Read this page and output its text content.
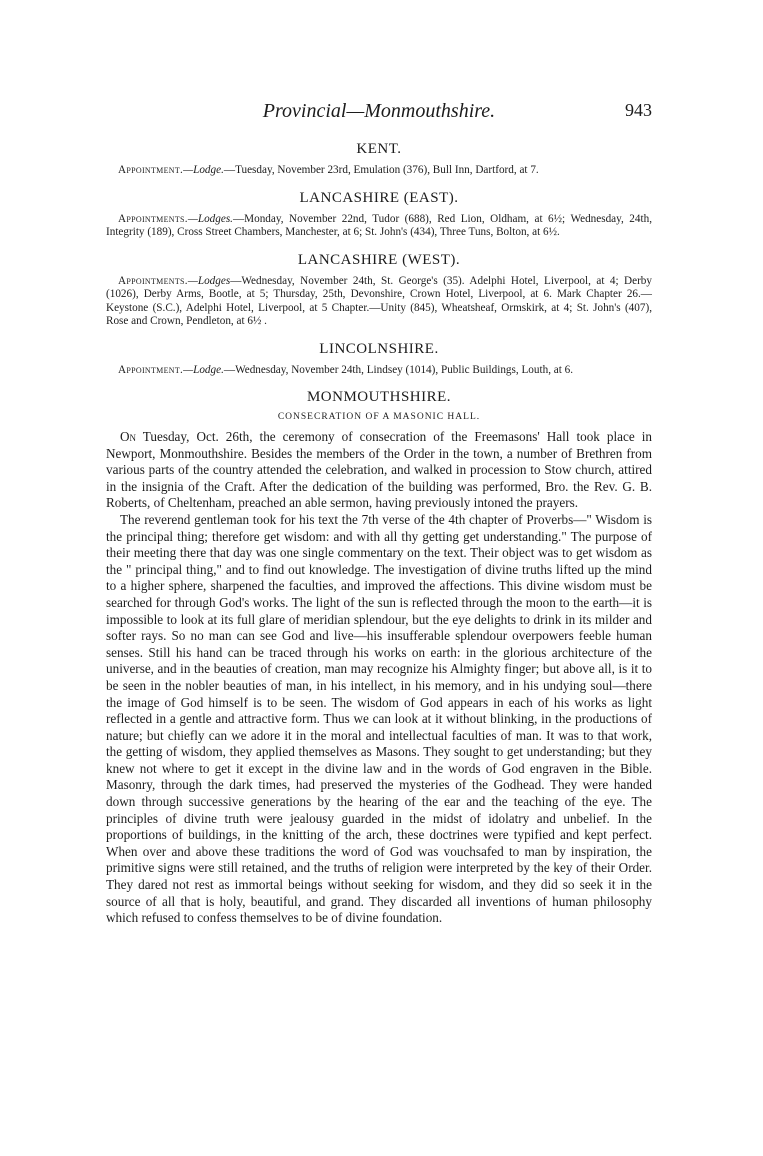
Provincial—Monmouthshire.	943
KENT.

Appointment.—Lodge.—Tuesday, November 23rd, Emulation (376), Bull Inn, Dartford, at 7.

LANCASHIRE (EAST).

Appointments.—Lodges.—Monday, November 22nd, Tudor (688), Red Lion, Oldham, at 6½; Wednesday, 24th, Integrity (189), Cross Street Chambers, Manchester, at 6; St. John's (434), Three Tuns, Bolton, at 6½.

LANCASHIRE (WEST).

Appointments.—Lodges—Wednesday, November 24th, St. George's (35). Adelphi Hotel, Liverpool, at 4; Derby (1026), Derby Arms, Bootle, at 5; Thursday, 25th, Devonshire, Crown Hotel, Liverpool, at 6. Mark Chapter 26.—Keystone (S.C.), Adelphi Hotel, Liverpool, at 5 Chapter.—Unity (845), Wheatsheaf, Ormskirk, at 4; St. John's (407), Rose and Crown, Pendleton, at 6½ .

LINCOLNSHIRE.

Appointment.—Lodge.—Wednesday, November 24th, Lindsey (1014), Public Buildings, Louth, at 6.

MONMOUTHSHIRE.
CONSECRATION OF A MASONIC HALL.

On Tuesday, Oct. 26th, the ceremony of consecration of the Freemasons' Hall took place in Newport, Monmouthshire. Besides the members of the Order in the town, a number of Brethren from various parts of the country attended the celebration, and walked in procession to Stow church, attired in the insignia of the Craft. After the dedication of the building was performed, Bro. the Rev. G. B. Roberts, of Cheltenham, preached an able sermon, having previously intoned the prayers.

The reverend gentleman took for his text the 7th verse of the 4th chapter of Proverbs—" Wisdom is the principal thing; therefore get wisdom: and with all thy getting get understanding." The purpose of their meeting there that day was one single commentary on the text. Their object was to get wisdom as the " principal thing," and to find out knowledge. The investigation of divine truths lifted up the mind to a higher sphere, sharpened the faculties, and improved the affections. This divine wisdom must be searched for through God's works. The light of the sun is reflected through the moon to the earth—it is impossible to look at its full glare of meridian splendour, but the eye delights to drink in its milder and softer rays. So no man can see God and live—his insufferable splendour overpowers feeble human senses. Still his hand can be traced through his works on earth: in the glorious architecture of the universe, and in the beauties of creation, man may recognize his Almighty finger; but above all, is it to be seen in the nobler beauties of man, in his intellect, in his memory, and in his undying soul—there the image of God himself is to be seen. The wisdom of God appears in each of his works as light reflected in a gentle and attractive form. Thus we can look at it without blinking, in the productions of nature; but chiefly can we adore it in the moral and intellectual faculties of man. It was to that work, the getting of wisdom, they applied themselves as Masons. They sought to get understanding; but they knew not where to get it except in the divine law and in the words of God engraven in the Bible. Masonry, through the dark times, had preserved the mysteries of the Godhead. They were handed down through successive generations by the hearing of the ear and the teaching of the eye. The principles of divine truth were jealousy guarded in the midst of idolatry and unbelief. In the proportions of buildings, in the knitting of the arch, these doctrines were typified and kept perfect. When over and above these traditions the word of God was vouchsafed to man by inspiration, the primitive signs were still retained, and the truths of religion were interpreted by the key of their Order. They dared not rest as immortal beings without seeking for wisdom, and they did so seek it in the source of all that is holy, beautiful, and grand. They discarded all inventions of human philosophy which refused to confess themselves to be of divine foundation.
